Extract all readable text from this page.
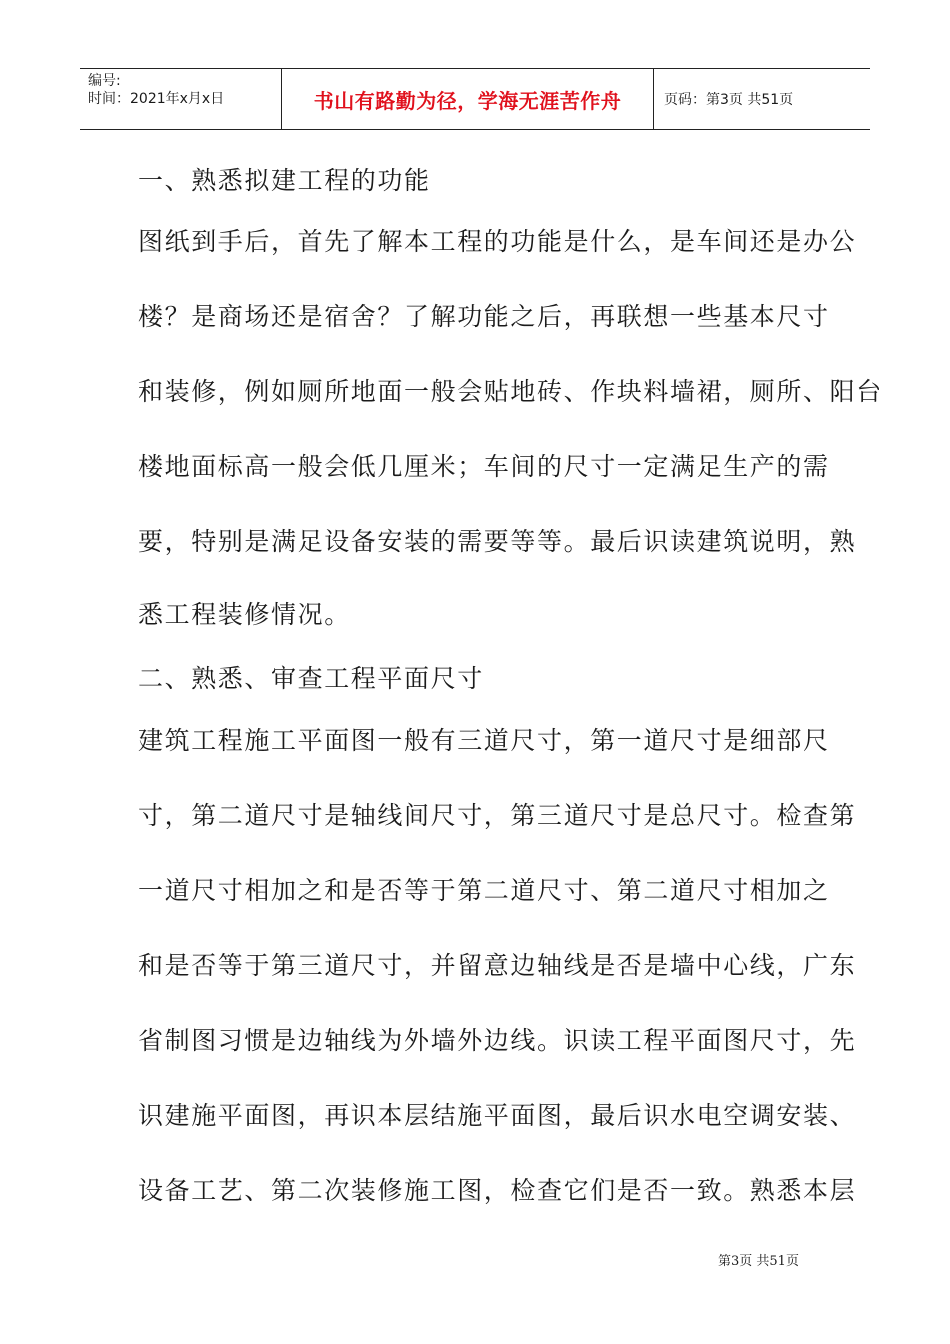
编号:
时间：2021年x月x日	书山有路勤为径，学海无涯苦作舟	页码：第3页 共51页
一、熟悉拟建工程的功能
图纸到手后，首先了解本工程的功能是什么，是车间还是办公
楼？是商场还是宿舍？了解功能之后，再联想一些基本尺寸
和装修，例如厕所地面一般会贴地砖、作块料墙裙，厕所、阳台
楼地面标高一般会低几厘米；车间的尺寸一定满足生产的需
要，特别是满足设备安装的需要等等。最后识读建筑说明，熟
悉工程装修情况。
二、熟悉、审查工程平面尺寸
建筑工程施工平面图一般有三道尺寸，第一道尺寸是细部尺
寸，第二道尺寸是轴线间尺寸，第三道尺寸是总尺寸。检查第
一道尺寸相加之和是否等于第二道尺寸、第二道尺寸相加之
和是否等于第三道尺寸，并留意边轴线是否是墙中心线，广东
省制图习惯是边轴线为外墙外边线。识读工程平面图尺寸，先
识建施平面图，再识本层结施平面图，最后识水电空调安装、
设备工艺、第二次装修施工图，检查它们是否一致。熟悉本层
第3页 共51页
